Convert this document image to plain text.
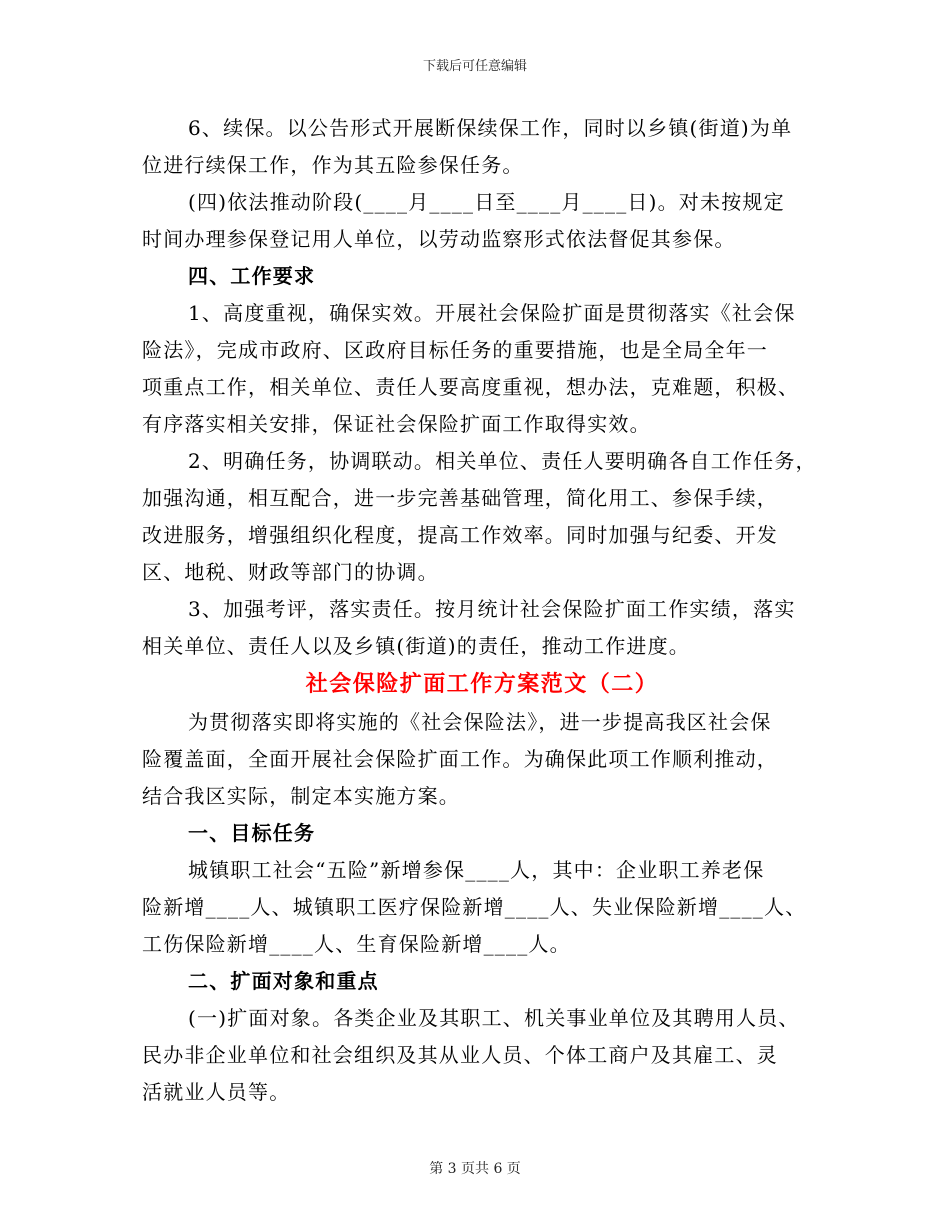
下载后可任意编辑
6、续保。以公告形式开展断保续保工作，同时以乡镇(街道)为单
位进行续保工作，作为其五险参保任务。
(四)依法推动阶段(____月____日至____月____日)。对未按规定
时间办理参保登记用人单位，以劳动监察形式依法督促其参保。
四、工作要求
1、高度重视，确保实效。开展社会保险扩面是贯彻落实《社会保
险法》，完成市政府、区政府目标任务的重要措施，也是全局全年一
项重点工作，相关单位、责任人要高度重视，想办法，克难题，积极、
有序落实相关安排，保证社会保险扩面工作取得实效。
2、明确任务，协调联动。相关单位、责任人要明确各自工作任务，
加强沟通，相互配合，进一步完善基础管理，简化用工、参保手续，
改进服务，增强组织化程度，提高工作效率。同时加强与纪委、开发
区、地税、财政等部门的协调。
3、加强考评，落实责任。按月统计社会保险扩面工作实绩，落实
相关单位、责任人以及乡镇(街道)的责任，推动工作进度。
社会保险扩面工作方案范文（二）
为贯彻落实即将实施的《社会保险法》，进一步提高我区社会保
险覆盖面，全面开展社会保险扩面工作。为确保此项工作顺利推动，
结合我区实际，制定本实施方案。
一、目标任务
城镇职工社会“五险”新增参保____人，其中：企业职工养老保
险新增____人、城镇职工医疗保险新增____人、失业保险新增____人、
工伤保险新增____人、生育保险新增____人。
二、扩面对象和重点
(一)扩面对象。各类企业及其职工、机关事业单位及其聘用人员、
民办非企业单位和社会组织及其从业人员、个体工商户及其雇工、灵
活就业人员等。
第 3 页共 6 页
